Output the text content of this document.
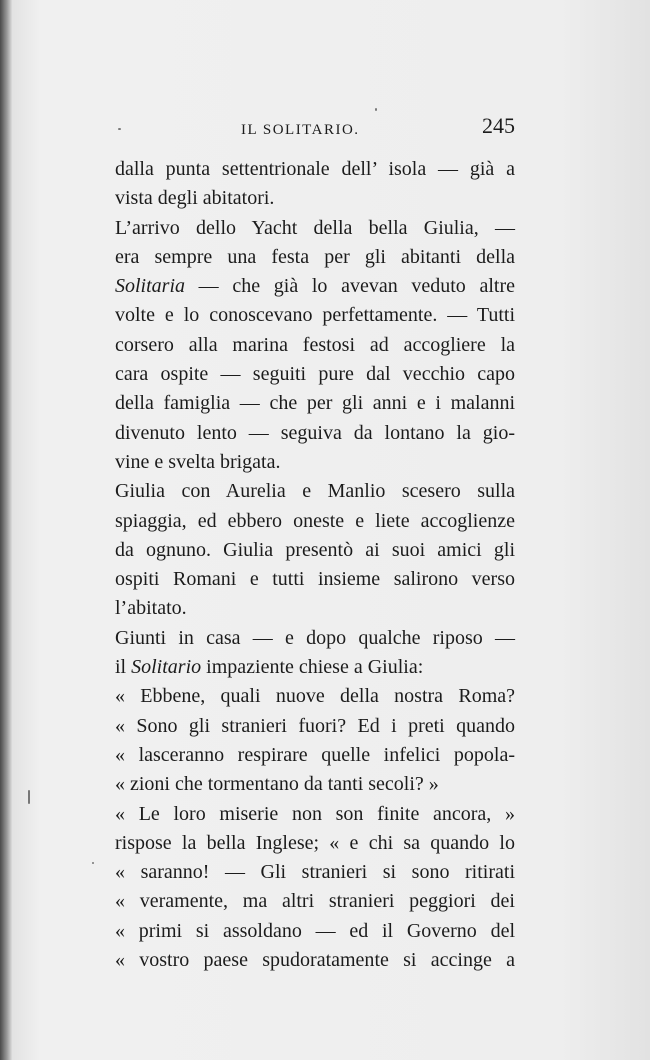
IL SOLITARIO.	245
dalla punta settentrionale dell’ isola — già a
vista degli abitatori.
L’arrivo dello Yacht della bella Giulia, —
era sempre una festa per gli abitanti della
Solitaria — che già lo avevan veduto altre
volte e lo conoscevano perfettamente. — Tutti
corsero alla marina festosi ad accogliere la
cara ospite — seguiti pure dal vecchio capo
della famiglia — che per gli anni e i malanni
divenuto lento — seguiva da lontano la gio-
vine e svelta brigata.
Giulia con Aurelia e Manlio scesero sulla
spiaggia, ed ebbero oneste e liete accoglienze
da ognuno. Giulia presentò ai suoi amici gli
ospiti Romani e tutti insieme salirono verso
l’abitato.
Giunti in casa — e dopo qualche riposo —
il Solitario impaziente chiese a Giulia:
« Ebbene, quali nuove della nostra Roma?
« Sono gli stranieri fuori? Ed i preti quando
« lasceranno respirare quelle infelici popola-
« zioni che tormentano da tanti secoli? »
« Le loro miserie non son finite ancora, »
rispose la bella Inglese; « e chi sa quando lo
« saranno! — Gli stranieri si sono ritirati
« veramente, ma altri stranieri peggiori dei
« primi si assoldano — ed il Governo del
« vostro paese spudoratamente si accinge a
